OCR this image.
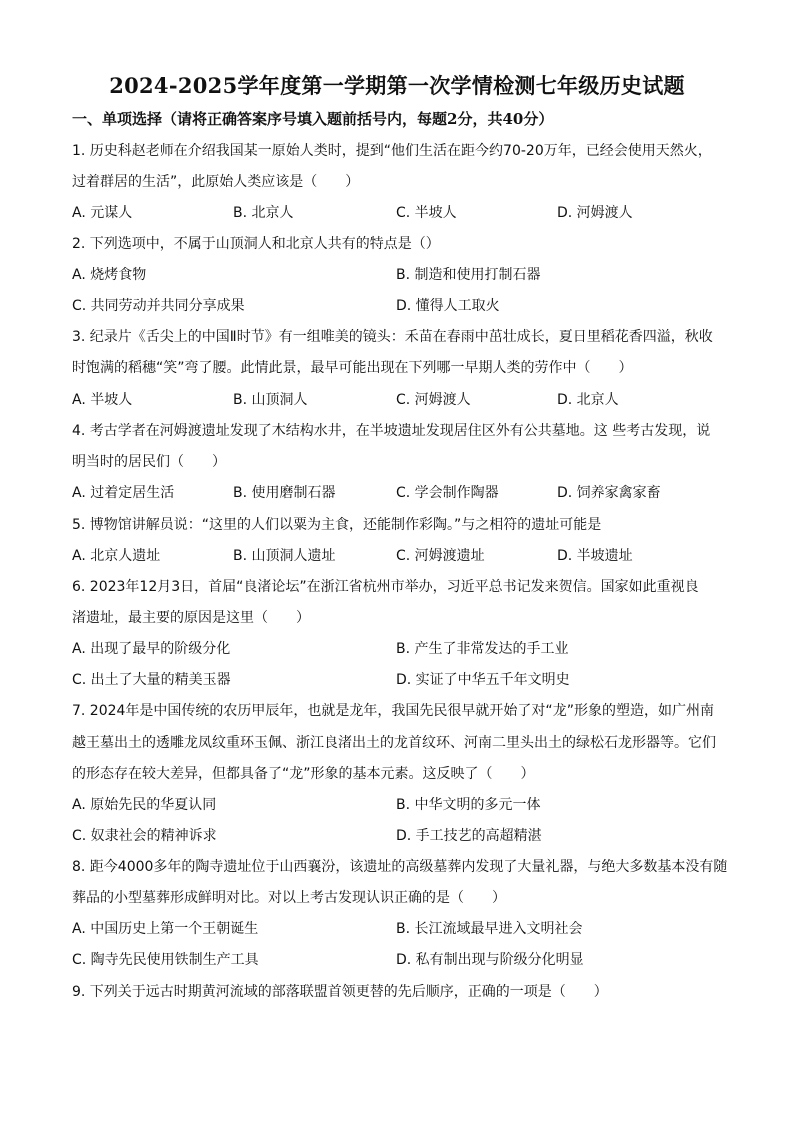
2024-2025学年度第一学期第一次学情检测七年级历史试题
一、单项选择（请将正确答案序号填入题前括号内，每题2分，共40分）
1. 历史科赵老师在介绍我国某一原始人类时，提到“他们生活在距今约70-20万年，已经会使用天然火，
过着群居的生活”，此原始人类应该是（　　）
A. 元谋人	B. 北京人	C. 半坡人	D. 河姆渡人
2. 下列选项中，不属于山顶洞人和北京人共有的特点是（）
A. 烧烤食物	B. 制造和使用打制石器
C. 共同劳动并共同分享成果	D. 懂得人工取火
3. 纪录片《舌尖上的中国Ⅱ时节》有一组唯美的镜头：禾苗在春雨中茁壮成长，夏日里稻花香四溢，秋收
时饱满的稻穗“笑”弯了腰。此情此景，最早可能出现在下列哪一早期人类的劳作中（　　）
A. 半坡人	B. 山顶洞人	C. 河姆渡人	D. 北京人
4. 考古学者在河姆渡遗址发现了木结构水井，在半坡遗址发现居住区外有公共墓地。这 些考古发现，说
明当时的居民们（　　）
A. 过着定居生活	B. 使用磨制石器	C. 学会制作陶器	D. 饲养家禽家畜
5. 博物馆讲解员说：“这里的人们以粟为主食，还能制作彩陶。”与之相符的遗址可能是
A. 北京人遗址	B. 山顶洞人遗址	C. 河姆渡遗址	D. 半坡遗址
6. 2023年12月3日，首届“良渚论坛”在浙江省杭州市举办，习近平总书记发来贺信。国家如此重视良
渚遗址，最主要的原因是这里（　　）
A. 出现了最早的阶级分化	B. 产生了非常发达的手工业
C. 出土了大量的精美玉器	D. 实证了中华五千年文明史
7. 2024年是中国传统的农历甲辰年，也就是龙年，我国先民很早就开始了对“龙”形象的塑造，如广州南
越王墓出土的透雕龙凤纹重环玉佩、浙江良渚出土的龙首纹环、河南二里头出土的绿松石龙形器等。它们
的形态存在较大差异，但都具备了“龙”形象的基本元素。这反映了（　　）
A. 原始先民的华夏认同	B. 中华文明的多元一体
C. 奴隶社会的精神诉求	D. 手工技艺的高超精湛
8. 距今4000多年的陶寺遗址位于山西襄汾，该遗址的高级墓葬内发现了大量礼器，与绝大多数基本没有随
葬品的小型墓葬形成鲜明对比。对以上考古发现认识正确的是（　　）
A. 中国历史上第一个王朝诞生	B. 长江流域最早进入文明社会
C. 陶寺先民使用铁制生产工具	D. 私有制出现与阶级分化明显
9. 下列关于远古时期黄河流域的部落联盟首领更替的先后顺序，正确的一项是（　　）
